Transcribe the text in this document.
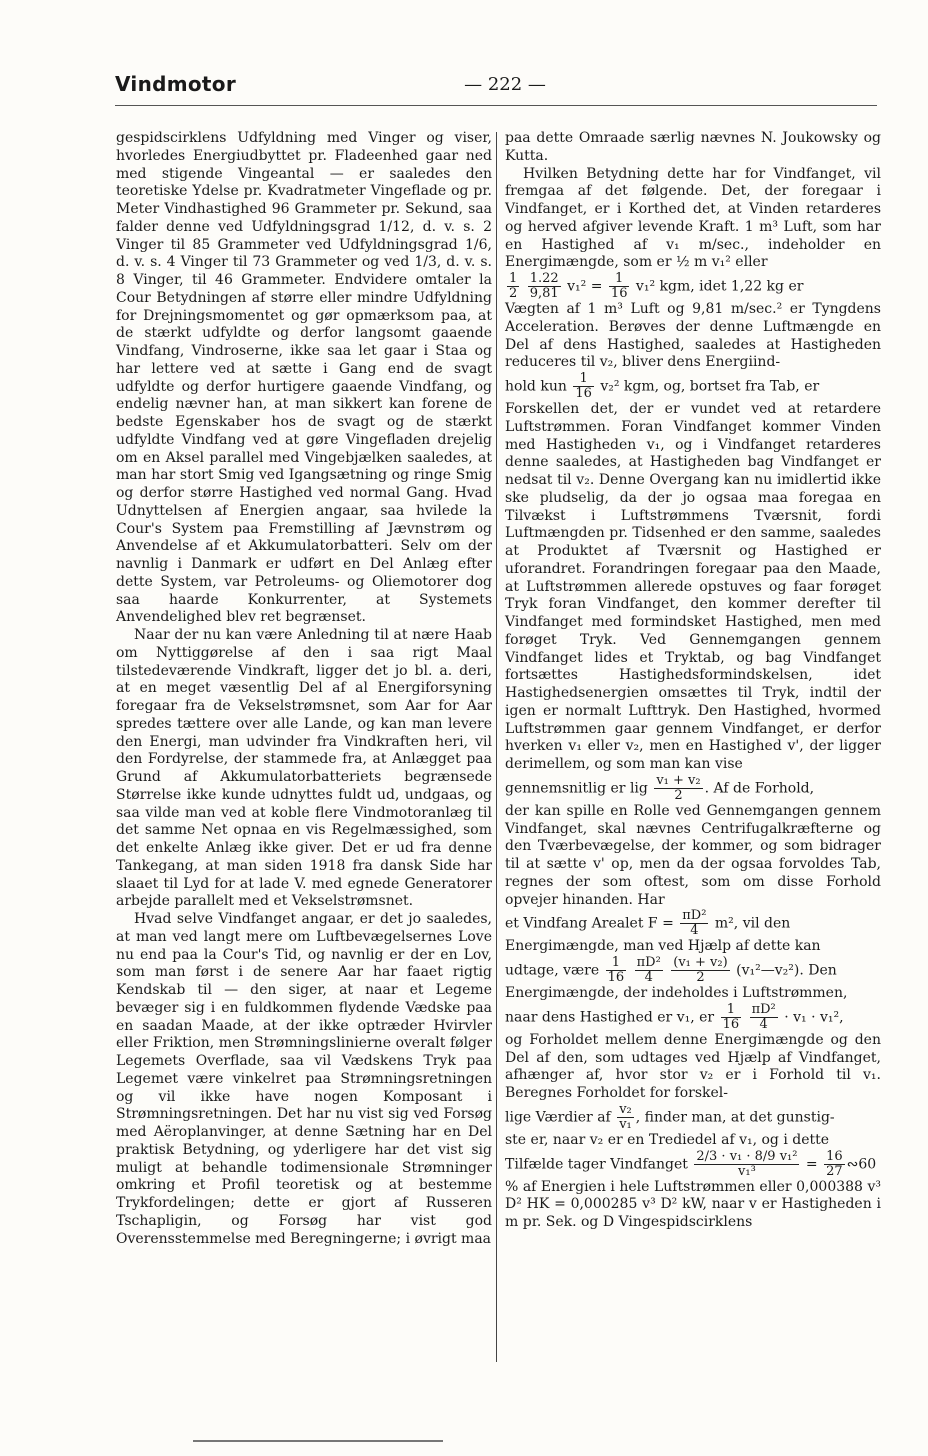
Vindmotor	— 222 —

gespidscirklens Udfyldning med Vinger og viser, hvorledes Energiudbyttet pr. Fladeenhed gaar ned med stigende Vingeantal — er saaledes den teoretiske Ydelse pr. Kvadratmeter Vingeflade og pr. Meter Vindhastighed 96 Grammeter pr. Sekund, saa falder denne ved Udfyldningsgrad 1/12, d. v. s. 2 Vinger til 85 Grammeter ved Udfyldningsgrad 1/6, d. v. s. 4 Vinger til 73 Grammeter og ved 1/3, d. v. s. 8 Vinger, til 46 Grammeter. Endvidere omtaler la Cour Betydningen af større eller mindre Udfyldning for Drejningsmomentet og gør opmærksom paa, at de stærkt udfyldte og derfor langsomt gaaende Vindfang, Vindroserne, ikke saa let gaar i Staa og har lettere ved at sætte i Gang end de svagt udfyldte og derfor hurtigere gaaende Vindfang, og endelig nævner han, at man sikkert kan forene de bedste Egenskaber hos de svagt og de stærkt udfyldte Vindfang ved at gøre Vingefladen drejelig om en Aksel parallel med Vingebjælken saaledes, at man har stort Smig ved Igangsætning og ringe Smig og derfor større Hastighed ved normal Gang. Hvad Udnyttelsen af Energien angaar, saa hvilede la Cour's System paa Fremstilling af Jævnstrøm og Anvendelse af et Akkumulatorbatteri. Selv om der navnlig i Danmark er udført en Del Anlæg efter dette System, var Petroleums- og Oliemotorer dog saa haarde Konkurrenter, at Systemets Anvendelighed blev ret begrænset.

Naar der nu kan være Anledning til at nære Haab om Nyttiggørelse af den i saa rigt Maal tilstedeværende Vindkraft, ligger det jo bl. a. deri, at en meget væsentlig Del af al Energiforsyning foregaar fra de Vekselstrømsnet, som Aar for Aar spredes tættere over alle Lande, og kan man levere den Energi, man udvinder fra Vindkraften heri, vil den Fordyrelse, der stammede fra, at Anlægget paa Grund af Akkumulatorbatteriets begrænsede Størrelse ikke kunde udnyttes fuldt ud, undgaas, og saa vilde man ved at koble flere Vindmotoranlæg til det samme Net opnaa en vis Regelmæssighed, som det enkelte Anlæg ikke giver. Det er ud fra denne Tankegang, at man siden 1918 fra dansk Side har slaaet til Lyd for at lade V. med egnede Generatorer arbejde parallelt med et Vekselstrømsnet.

Hvad selve Vindfanget angaar, er det jo saaledes, at man ved langt mere om Luftbevægelsernes Love nu end paa la Cour's Tid, og navnlig er der en Lov, som man først i de senere Aar har faaet rigtig Kendskab til — den siger, at naar et Legeme bevæger sig i en fuldkommen flydende Vædske paa en saadan Maade, at der ikke optræder Hvirvler eller Friktion, men Strømningslinierne overalt følger Legemets Overflade, saa vil Vædskens Tryk paa Legemet være vinkelret paa Strømningsretningen og vil ikke have nogen Komposant i Strømningsretningen. Det har nu vist sig ved Forsøg med Aëroplanvinger, at denne Sætning har en Del praktisk Betydning, og yderligere har det vist sig muligt at behandle todimensionale Strømninger omkring et Profil teoretisk og at bestemme Trykfordelingen; dette er gjort af Russeren Tschapligin, og Forsøg har vist god Overensstemmelse med Beregningerne; i øvrigt maa

paa dette Omraade særlig nævnes N. Joukowsky og Kutta.

Hvilken Betydning dette har for Vindfanget, vil fremgaa af det følgende. Det, der foregaar i Vindfanget, er i Korthed det, at Vinden retarderes og herved afgiver levende Kraft. 1 m³ Luft, som har en Hastighed af v₁ m/sec., indeholder en Energimængde, som er ½ m v₁² eller

$\frac{1}{2}$
$\frac{1.22}{9,81} v_1^2 = \frac{1}{16} v_1^2$ kgm, idet 1,22 kg er

Vægten af 1 m³ Luft og 9,81 m/sec.² er Tyngdens Acceleration. Berøves der denne Luftmængde en Del af dens Hastighed, saaledes at Hastigheden reduceres til v₂, bliver dens Energiind-

hold kun $\frac{1}{16} v_2^2$ kgm, og, bortset fra Tab, er

Forskellen det, der er vundet ved at retardere Luftstrømmen. Foran Vindfanget kommer Vinden med Hastigheden v₁, og i Vindfanget retarderes denne saaledes, at Hastigheden bag Vindfanget er nedsat til v₂. Denne Overgang kan nu imidlertid ikke ske pludselig, da der jo ogsaa maa foregaa en Tilvækst i Luftstrømmens Tværsnit, fordi Luftmængden pr. Tidsenhed er den samme, saaledes at Produktet af Tværsnit og Hastighed er uforandret. Forandringen foregaar paa den Maade, at Luftstrømmen allerede opstuves og faar forøget Tryk foran Vindfanget, den kommer derefter til Vindfanget med formindsket Hastighed, men med forøget Tryk. Ved Gennemgangen gennem Vindfanget lides et Tryktab, og bag Vindfanget fortsættes Hastighedsformindskelsen, idet Hastighedsenergien omsættes til Tryk, indtil der igen er normalt Lufttryk. Den Hastighed, hvormed Luftstrømmen gaar gennem Vindfanget, er derfor hverken v₁ eller v₂, men en Hastighed v', der ligger derimellem, og som man kan vise

gennemsnitlig er lig $\frac{\text{v₁ + v₂}}{2}$ . Af de Forhold,

der kan spille en Rolle ved Gennemgangen gennem Vindfanget, skal nævnes Centrifugalkræfterne og den Tværbevægelse, der kommer, og som bidrager til at sætte v' op, men da der ogsaa forvoldes Tab, regnes der som oftest, som om disse Forhold opvejer hinanden. Har

et Vindfang Arealet $F = \frac{\text{πD²}}{4} m^2$, vil den

Energimængde, man ved Hjælp af dette kan

udtage, være $\frac{1}{16}$
$\frac{\text{πD²}}{4}$
$\frac{\text{(v₁ + v₂)}}{2}$ (v₁²—v₂²). Den

Energimængde, der indeholdes i Luftstrømmen,

naar dens Hastighed er v₁, er $\frac{1}{16}$
$\frac{\text{πD²}}{4} \cdot v_1 \cdot v_1^2$,

og Forholdet mellem denne Energimængde og den Del af den, som udtages ved Hjælp af Vindfanget, afhænger af, hvor stor v₂ er i Forhold til v₁. Beregnes Forholdet for forskel-

lige Værdier af $\frac{\text{v₂}}{\text{v₁}}$ , finder man, at det gunstig-

ste er, naar v₂ er en Trediedel af v₁, og i dette

Tilfælde tager Vindfanget $\frac{\text{2/3 · v₁ · 8/9 v₁²}}{\text{v₁³}} = \frac{16}{27}$ ∾60

% af Energien i hele Luftstrømmen eller 0,000388 v³ D² HK = 0,000285 v³ D² kW, naar v er Hastigheden i m pr. Sek. og D Vingespidscirklens
